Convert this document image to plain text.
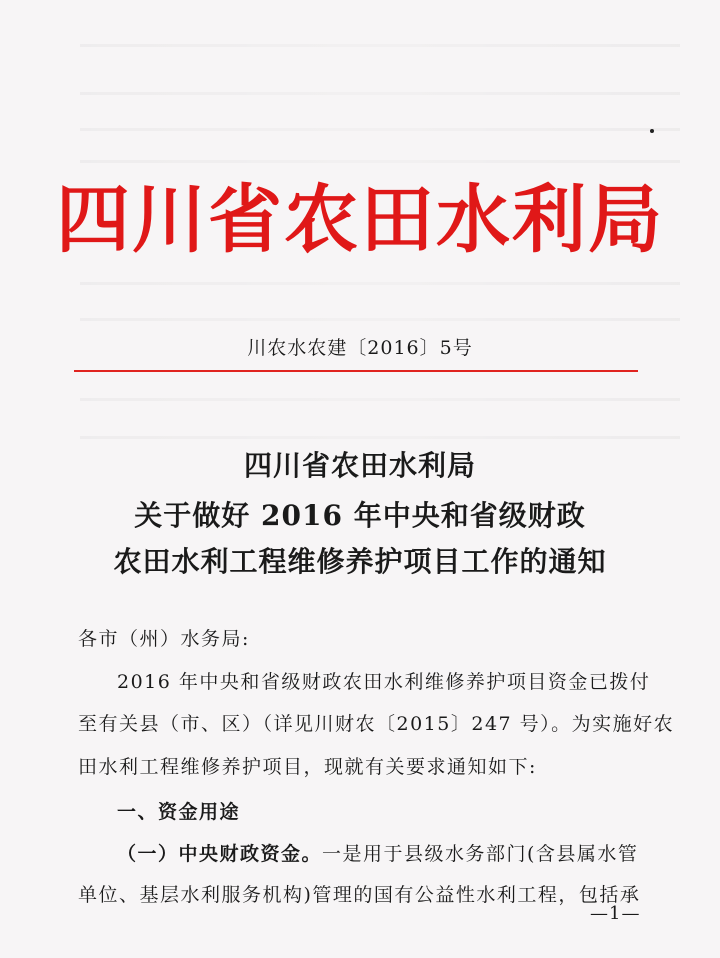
四川省农田水利局
川农水农建〔2016〕5号
四川省农田水利局
关于做好 2016 年中央和省级财政
农田水利工程维修养护项目工作的通知
各市（州）水务局:
2016 年中央和省级财政农田水利维修养护项目资金已拨付
至有关县（市、区）（详见川财农〔2015〕247 号）。为实施好农
田水利工程维修养护项目，现就有关要求通知如下:
一、资金用途
（一）中央财政资金。一是用于县级水务部门(含县属水管
单位、基层水利服务机构)管理的国有公益性水利工程，包括承
—1—
